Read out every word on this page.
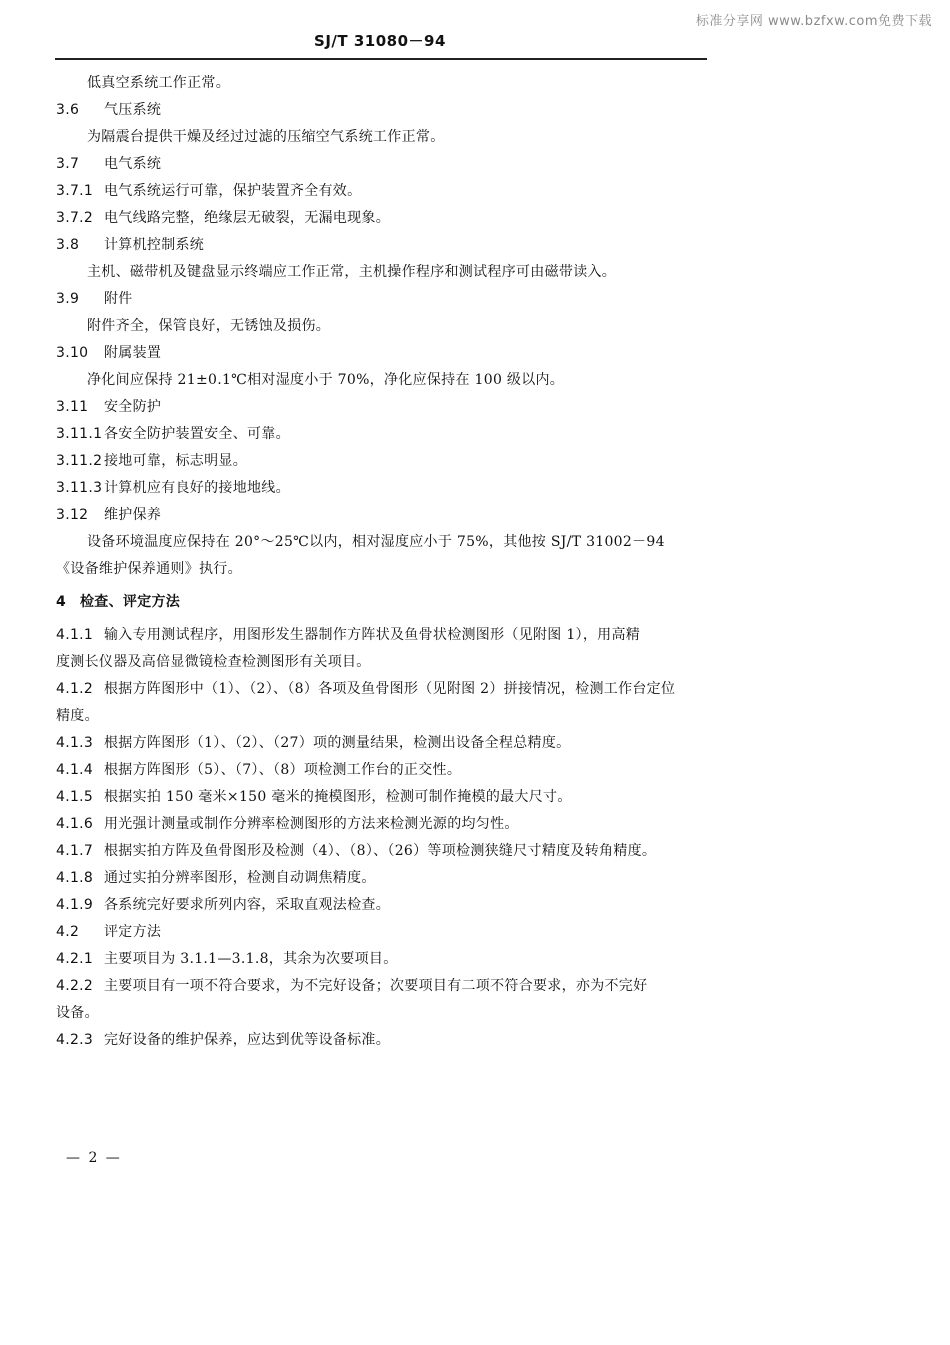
标准分享网 www.bzfxw.com免费下载
SJ/T 31080－94
低真空系统工作正常。
3.6 气压系统
为隔震台提供干燥及经过过滤的压缩空气系统工作正常。
3.7 电气系统
3.7.1 电气系统运行可靠，保护装置齐全有效。
3.7.2 电气线路完整，绝缘层无破裂，无漏电现象。
3.8 计算机控制系统
主机、磁带机及键盘显示终端应工作正常，主机操作程序和测试程序可由磁带读入。
3.9 附件
附件齐全，保管良好，无锈蚀及损伤。
3.10 附属装置
净化间应保持 21±0.1℃相对湿度小于 70%，净化应保持在 100 级以内。
3.11 安全防护
3.11.1 各安全防护装置安全、可靠。
3.11.2 接地可靠，标志明显。
3.11.3 计算机应有良好的接地地线。
3.12 维护保养
设备环境温度应保持在 20°～25℃以内，相对湿度应小于 75%，其他按 SJ/T 31002－94
《设备维护保养通则》执行。
4 检查、评定方法
4.1.1 输入专用测试程序，用图形发生器制作方阵状及鱼骨状检测图形（见附图 1），用高精
度测长仪器及高倍显微镜检查检测图形有关项目。
4.1.2 根据方阵图形中（1）、（2）、（8）各项及鱼骨图形（见附图 2）拼接情况，检测工作台定位
精度。
4.1.3 根据方阵图形（1）、（2）、（27）项的测量结果，检测出设备全程总精度。
4.1.4 根据方阵图形（5）、（7）、（8）项检测工作台的正交性。
4.1.5 根据实拍 150 毫米×150 毫米的掩模图形，检测可制作掩模的最大尺寸。
4.1.6 用光强计测量或制作分辨率检测图形的方法来检测光源的均匀性。
4.1.7 根据实拍方阵及鱼骨图形及检测（4）、（8）、（26）等项检测狭缝尺寸精度及转角精度。
4.1.8 通过实拍分辨率图形，检测自动调焦精度。
4.1.9 各系统完好要求所列内容，采取直观法检查。
4.2 评定方法
4.2.1 主要项目为 3.1.1—3.1.8，其余为次要项目。
4.2.2 主要项目有一项不符合要求，为不完好设备；次要项目有二项不符合要求，亦为不完好
设备。
4.2.3 完好设备的维护保养，应达到优等设备标准。
— 2 —
